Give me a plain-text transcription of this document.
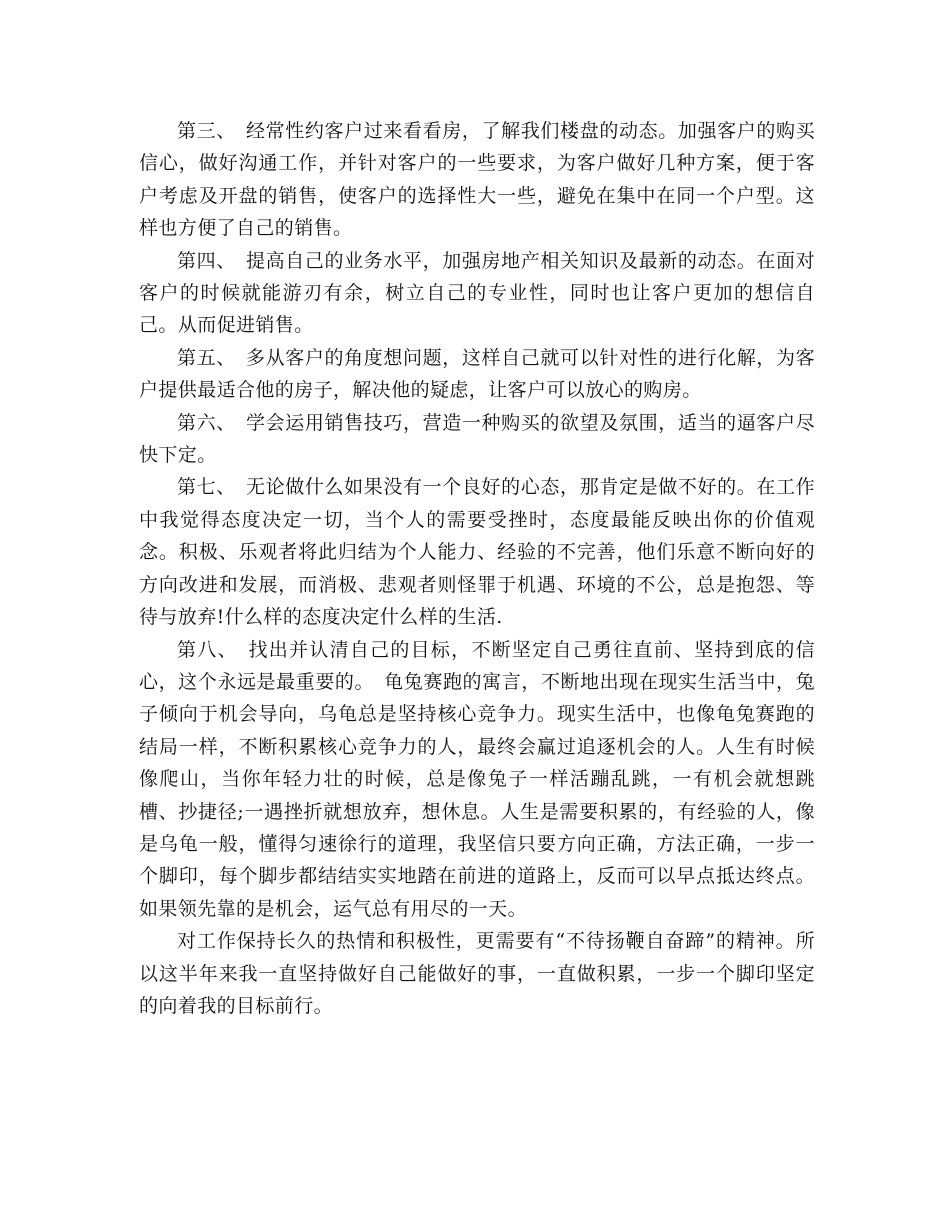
第三、　经常性约客户过来看看房，了解我们楼盘的动态。加强客户的购买信心，做好沟通工作，并针对客户的一些要求，为客户做好几种方案，便于客户考虑及开盘的销售，使客户的选择性大一些，避免在集中在同一个户型。这样也方便了自己的销售。

第四、　提高自己的业务水平，加强房地产相关知识及最新的动态。在面对客户的时候就能游刃有余，树立自己的专业性，同时也让客户更加的想信自己。从而促进销售。

第五、　多从客户的角度想问题，这样自己就可以针对性的进行化解，为客户提供最适合他的房子，解决他的疑虑，让客户可以放心的购房。

第六、　学会运用销售技巧，营造一种购买的欲望及氛围，适当的逼客户尽快下定。

第七、　无论做什么如果没有一个良好的心态，那肯定是做不好的。在工作中我觉得态度决定一切，当个人的需要受挫时，态度最能反映出你的价值观念。积极、乐观者将此归结为个人能力、经验的不完善，他们乐意不断向好的方向改进和发展，而消极、悲观者则怪罪于机遇、环境的不公，总是抱怨、等待与放弃!什么样的态度决定什么样的生活.

第八、　找出并认清自己的目标，不断坚定自己勇往直前、坚持到底的信心，这个永远是最重要的。　龟兔赛跑的寓言，不断地出现在现实生活当中，兔子倾向于机会导向，乌龟总是坚持核心竞争力。现实生活中，也像龟兔赛跑的结局一样，不断积累核心竞争力的人，最终会赢过追逐机会的人。人生有时候像爬山，当你年轻力壮的时候，总是像兔子一样活蹦乱跳，一有机会就想跳槽、抄捷径;一遇挫折就想放弃，想休息。人生是需要积累的，有经验的人，像是乌龟一般，懂得匀速徐行的道理，我坚信只要方向正确，方法正确，一步一个脚印，每个脚步都结结实实地踏在前进的道路上，反而可以早点抵达终点。如果领先靠的是机会，运气总有用尽的一天。

对工作保持长久的热情和积极性，更需要有“不待扬鞭自奋蹄”的精神。所以这半年来我一直坚持做好自己能做好的事，一直做积累，一步一个脚印坚定的向着我的目标前行。
